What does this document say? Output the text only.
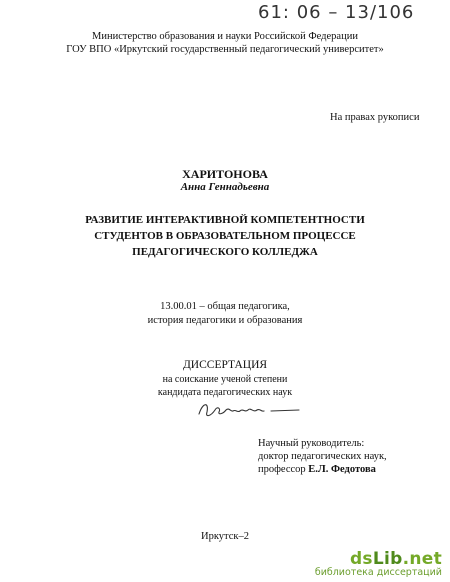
61: 06 – 13/106
Министерство образования и науки Российской Федерации
ГОУ ВПО «Иркутский государственный педагогический университет»
На правах рукописи
ХАРИТОНОВА
Анна Геннадьевна
РАЗВИТИЕ ИНТЕРАКТИВНОЙ КОМПЕТЕНТНОСТИ
СТУДЕНТОВ В ОБРАЗОВАТЕЛЬНОМ ПРОЦЕССЕ
ПЕДАГОГИЧЕСКОГО КОЛЛЕДЖА
13.00.01 – общая педагогика,
история педагогики и образования
ДИССЕРТАЦИЯ
на соискание ученой степени
кандидата педагогических наук
Научный руководитель:
доктор педагогических наук,
профессор Е.Л. Федотова
Иркутск–2
dsLib.net
библиотека диссертаций
